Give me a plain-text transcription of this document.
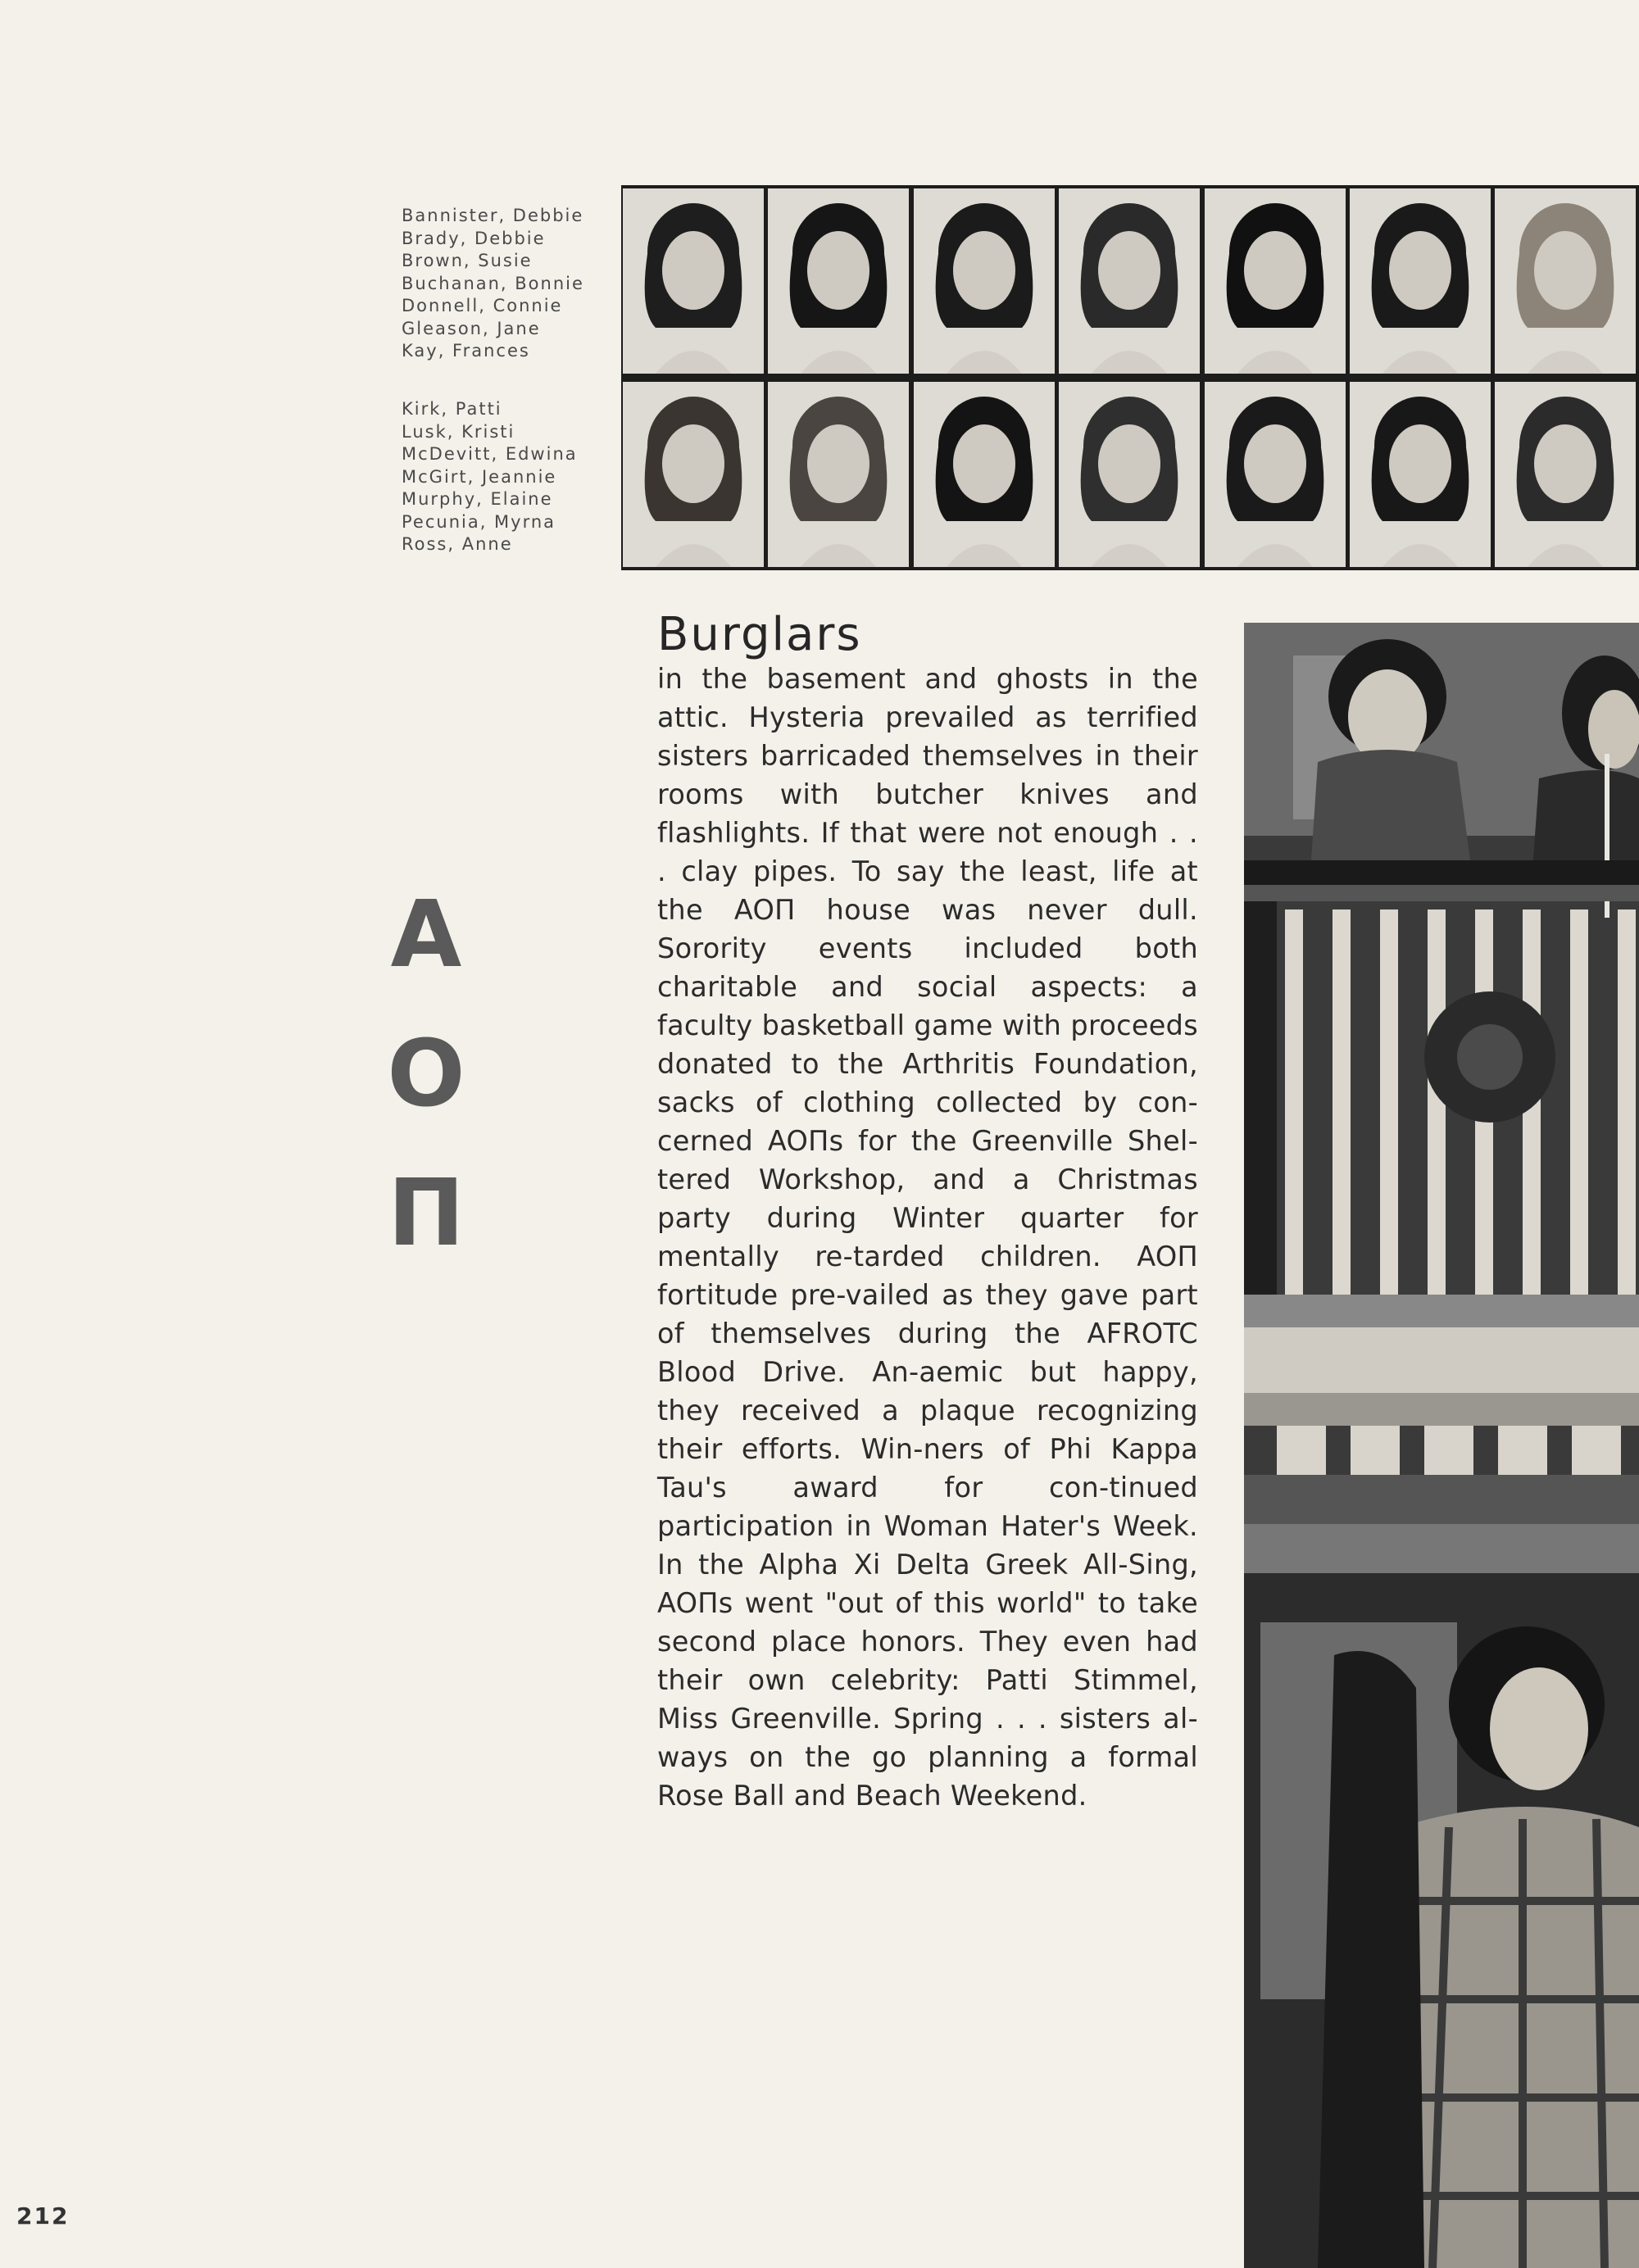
Bannister, Debbie
Brady, Debbie
Brown, Susie
Buchanan, Bonnie
Donnell, Connie
Gleason, Jane
Kay, Frances
Kirk, Patti
Lusk, Kristi
McDevitt, Edwina
McGirt, Jeannie
Murphy, Elaine
Pecunia, Myrna
Ross, Anne
A
O
Π
Burglars
in the basement and ghosts in the attic. Hysteria prevailed as terrified sisters barricaded themselves in their rooms with butcher knives and flashlights. If that were not enough . . . clay pipes. To say the least, life at the AOΠ house was never dull. Sorority events included both charitable and social aspects: a faculty basketball game with proceeds donated to the Arthritis Foundation, sacks of clothing collected by con-cerned AOΠs for the Greenville Shel-tered Workshop, and a Christmas party during Winter quarter for mentally re-tarded children. AOΠ fortitude pre-vailed as they gave part of themselves during the AFROTC Blood Drive. An-aemic but happy, they received a plaque recognizing their efforts. Win-ners of Phi Kappa Tau's award for con-tinued participation in Woman Hater's Week. In the Alpha Xi Delta Greek All-Sing, AOΠs went "out of this world" to take second place honors. They even had their own celebrity: Patti Stimmel, Miss Greenville. Spring . . . sisters al-ways on the go planning a formal Rose Ball and Beach Weekend.
212
